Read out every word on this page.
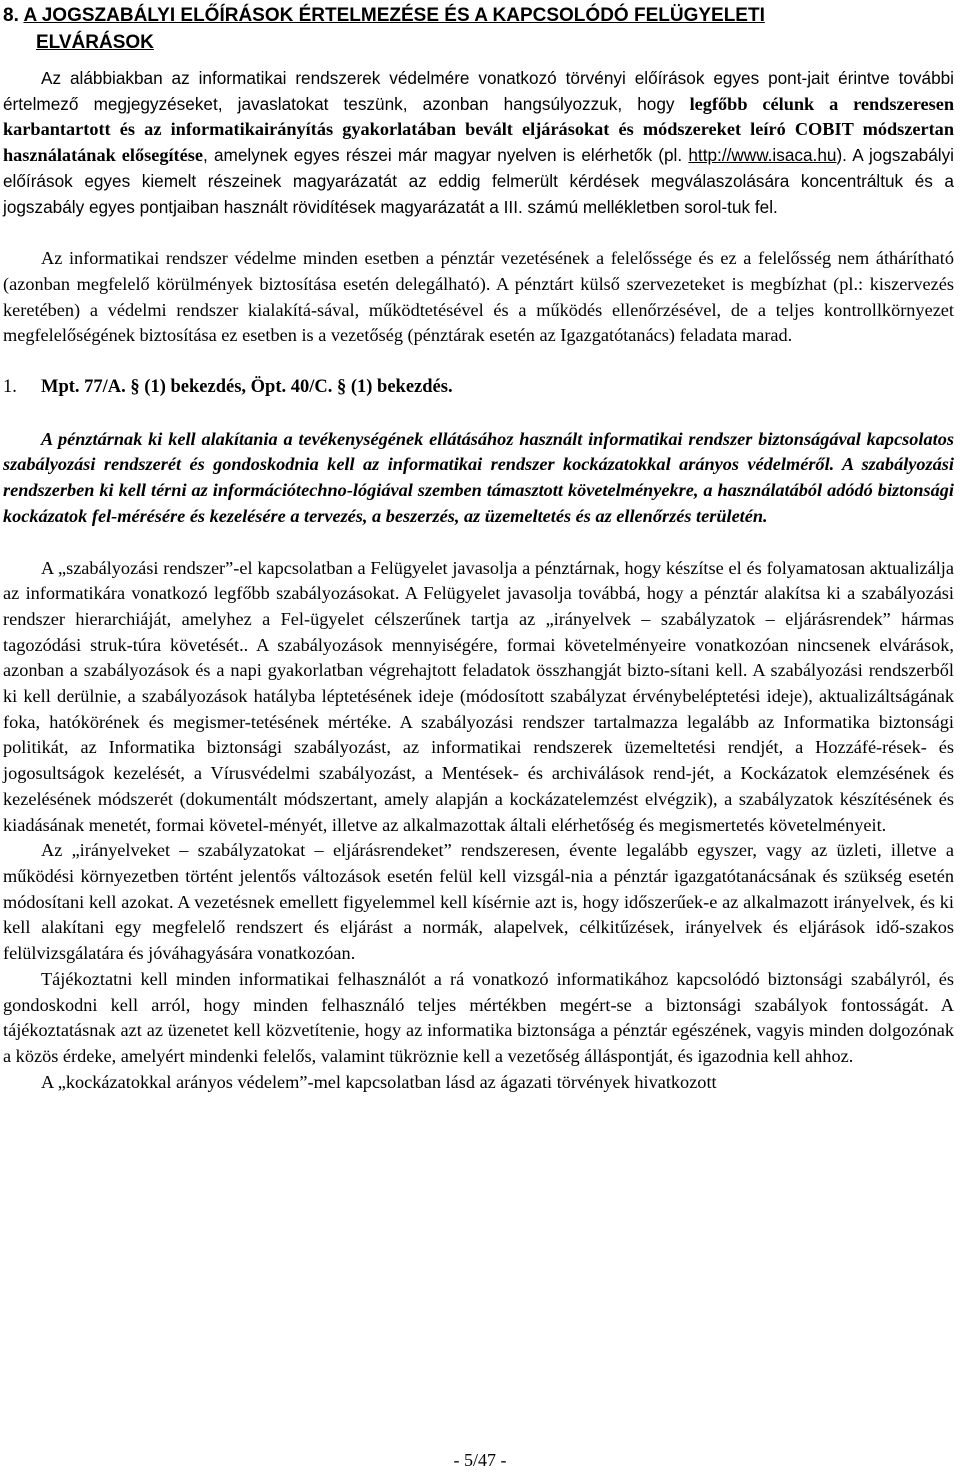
8. A JOGSZABÁLYI ELŐÍRÁSOK ÉRTELMEZÉSE ÉS A KAPCSOLÓDÓ FELÜGYELETI
ELVÁRÁSOK

Az alábbiakban az informatikai rendszerek védelmére vonatkozó törvényi előírások egyes pont-jait érintve további értelmező megjegyzéseket, javaslatokat teszünk, azonban hangsúlyozzuk, hogy legfőbb célunk a rendszeresen karbantartott és az informatikairányítás gyakorlatában bevált eljárásokat és módszereket leíró COBIT módszertan használatának elősegítése, amelynek egyes részei már magyar nyelven is elérhetők (pl. http://www.isaca.hu). A jogszabályi előírások egyes kiemelt részeinek magyarázatát az eddig felmerült kérdések megválaszolására koncentráltuk és a jogszabály egyes pontjaiban használt rövidítések magyarázatát a III. számú mellékletben sorol-tuk fel.

Az informatikai rendszer védelme minden esetben a pénztár vezetésének a felelőssége és ez a felelősség nem áthárítható (azonban megfelelő körülmények biztosítása esetén delegálható). A pénztárt külső szervezeteket is megbízhat (pl.: kiszervezés keretében) a védelmi rendszer kialakítá-sával, működtetésével és a működés ellenőrzésével, de a teljes kontrollkörnyezet megfelelőségének biztosítása ez esetben is a vezetőség (pénztárak esetén az Igazgatótanács) feladata marad.

1. Mpt. 77/A. § (1) bekezdés, Öpt. 40/C. § (1) bekezdés.

A pénztárnak ki kell alakítania a tevékenységének ellátásához használt informatikai rendszer biztonságával kapcsolatos szabályozási rendszerét és gondoskodnia kell az informatikai rendszer kockázatokkal arányos védelméről. A szabályozási rendszerben ki kell térni az információtechno-lógiával szemben támasztott követelményekre, a használatából adódó biztonsági kockázatok fel-mérésére és kezelésére a tervezés, a beszerzés, az üzemeltetés és az ellenőrzés területén.

A „szabályozási rendszer”-el kapcsolatban a Felügyelet javasolja a pénztárnak, hogy készítse el és folyamatosan aktualizálja az informatikára vonatkozó legfőbb szabályozásokat. A Felügyelet javasolja továbbá, hogy a pénztár alakítsa ki a szabályozási rendszer hierarchiáját, amelyhez a Fel-ügyelet célszerűnek tartja az „irányelvek – szabályzatok – eljárásrendek” hármas tagozódási struk-túra követését.. A szabályozások mennyiségére, formai követelményeire vonatkozóan nincsenek elvárások, azonban a szabályozások és a napi gyakorlatban végrehajtott feladatok összhangját bizto-sítani kell. A szabályozási rendszerből ki kell derülnie, a szabályozások hatályba léptetésének ideje (módosított szabályzat érvénybeléptetési ideje), aktualizáltságának foka, hatókörének és megismer-tetésének mértéke. A szabályozási rendszer tartalmazza legalább az Informatika biztonsági politikát, az Informatika biztonsági szabályozást, az informatikai rendszerek üzemeltetési rendjét, a Hozzáfé-rések- és jogosultságok kezelését, a Vírusvédelmi szabályozást, a Mentések- és archiválások rend-jét, a Kockázatok elemzésének és kezelésének módszerét (dokumentált módszertant, amely alapján a kockázatelemzést elvégzik), a szabályzatok készítésének és kiadásának menetét, formai követel-ményét, illetve az alkalmazottak általi elérhetőség és megismertetés követelményeit.

Az „irányelveket – szabályzatokat – eljárásrendeket” rendszeresen, évente legalább egyszer, vagy az üzleti, illetve a működési környezetben történt jelentős változások esetén felül kell vizsgál-nia a pénztár igazgatótanácsának és szükség esetén módosítani kell azokat. A vezetésnek emellett figyelemmel kell kísérnie azt is, hogy időszerűek-e az alkalmazott irányelvek, és ki kell alakítani egy megfelelő rendszert és eljárást a normák, alapelvek, célkitűzések, irányelvek és eljárások idő-szakos felülvizsgálatára és jóváhagyására vonatkozóan.

Tájékoztatni kell minden informatikai felhasználót a rá vonatkozó informatikához kapcsolódó biztonsági szabályról, és gondoskodni kell arról, hogy minden felhasználó teljes mértékben megért-se a biztonsági szabályok fontosságát. A tájékoztatásnak azt az üzenetet kell közvetítenie, hogy az informatika biztonsága a pénztár egészének, vagyis minden dolgozónak a közös érdeke, amelyért mindenki felelős, valamint tükröznie kell a vezetőség álláspontját, és igazodnia kell ahhoz.

A „kockázatokkal arányos védelem”-mel kapcsolatban lásd az ágazati törvények hivatkozott

- 5/47 -
